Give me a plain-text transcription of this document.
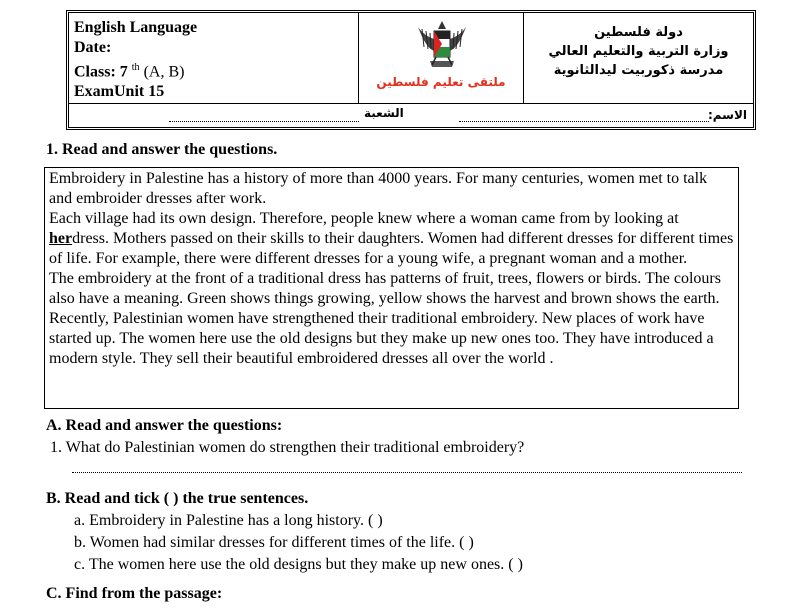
English Language
Date:
Class: 7 $^{th}$ (A, B)
ExamUnit 15
ملتقى تعليم فلسطين
دولة فلسطين
وزارة التربية والتعليم العالي
مدرسة ذكوربيت ليدالثانوية
الاسم:
الشعبة
1. Read and answer the questions.

Embroidery in Palestine has a history of more than 4000 years. For many centuries, women met to talk and embroider dresses after work.

Each village had its own design. Therefore, people knew where a woman came from by looking at herdress. Mothers passed on their skills to their daughters. Women had different dresses for different times of life. For example, there were different dresses for a young wife, a pregnant woman and a mother.

The embroidery at the front of a traditional dress has patterns of fruit, trees, flowers or birds. The colours also have a meaning. Green shows things growing, yellow shows the harvest and brown shows the earth.

Recently, Palestinian women have strengthened their traditional embroidery. New places of work have started up. The women here use the old designs but they make up new ones too. They have introduced a modern style. They sell their beautiful embroidered dresses all over the world .

A. Read and answer the questions:
1. What do Palestinian women do strengthen their traditional embroidery?
B. Read and tick ( ) the true sentences.
a. Embroidery in Palestine has a long history. ( )
b. Women had similar dresses for different times of the life. ( )
c. The women here use the old designs but they make up new ones. ( )
C. Find from the passage:
